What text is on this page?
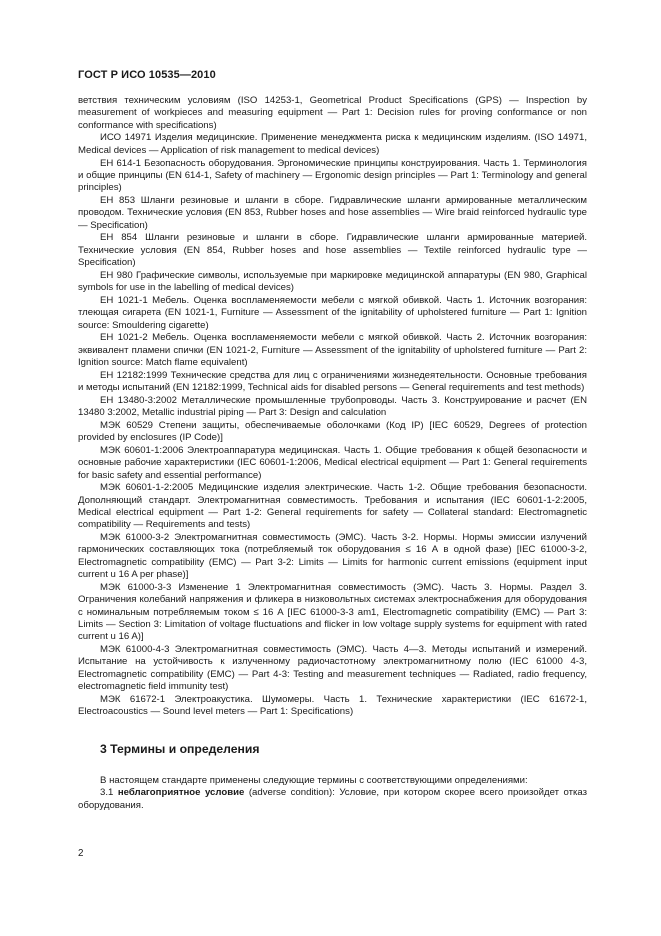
ГОСТ Р ИСО 10535—2010

ветствия техническим условиям (ISO 14253-1, Geometrical Product Specifications (GPS) — Inspection by measurement of workpieces and measuring equipment — Part 1: Decision rules for proving conformance or non conformance with specifications)

ИСО 14971 Изделия медицинские. Применение менеджмента риска к медицинским изделиям. (ISO 14971, Medical devices — Application of risk management to medical devices)

ЕН 614-1 Безопасность оборудования. Эргономические принципы конструирования. Часть 1. Терминология и общие принципы (EN 614-1, Safety of machinery — Ergonomic design principles — Part 1: Terminology and general principles)

ЕН 853 Шланги резиновые и шланги в сборе. Гидравлические шланги армированные металлическим проводом. Технические условия (EN 853, Rubber hoses and hose assemblies — Wire braid reinforced hydraulic type — Specification)

ЕН 854 Шланги резиновые и шланги в сборе. Гидравлические шланги армированные материей. Технические условия (EN 854, Rubber hoses and hose assemblies — Textile reinforced hydraulic type — Specification)

ЕН 980 Графические символы, используемые при маркировке медицинской аппаратуры (EN 980, Graphical symbols for use in the labelling of medical devices)

ЕН 1021-1 Мебель. Оценка воспламеняемости мебели с мягкой обивкой. Часть 1. Источник возгорания: тлеющая сигарета (EN 1021-1, Furniture — Assessment of the ignitability of upholstered furniture — Part 1: Ignition source: Smouldering cigarette)

ЕН 1021-2 Мебель. Оценка воспламеняемости мебели с мягкой обивкой. Часть 2. Источник возгорания: эквивалент пламени спички (EN 1021-2, Furniture — Assessment of the ignitability of upholstered furniture — Part 2: Ignition source: Match flame equivalent)

ЕН 12182:1999 Технические средства для лиц с ограничениями жизнедеятельности. Основные требования и методы испытаний (EN 12182:1999, Technical aids for disabled persons — General requirements and test methods)

ЕН 13480-3:2002 Металлические промышленные трубопроводы. Часть 3. Конструирование и расчет (EN 13480 3:2002, Metallic industrial piping — Part 3: Design and calculation

МЭК 60529 Степени защиты, обеспечиваемые оболочками (Код IP) [IEC 60529, Degrees of protection provided by enclosures (IP Code)]

МЭК 60601-1:2006 Электроаппаратура медицинская. Часть 1. Общие требования к общей безопасности и основные рабочие характеристики (IEC 60601-1:2006, Medical electrical equipment — Part 1: General requirements for basic safety and essential performance)

МЭК 60601-1-2:2005 Медицинские изделия электрические. Часть 1-2. Общие требования безопасности. Дополняющий стандарт. Электромагнитная совместимость. Требования и испытания (IEC 60601-1-2:2005, Medical electrical equipment — Part 1-2: General requirements for safety — Collateral standard: Electromagnetic compatibility — Requirements and tests)

МЭК 61000-3-2 Электромагнитная совместимость (ЭМС). Часть 3-2. Нормы. Нормы эмиссии излучений гармонических составляющих тока (потребляемый ток оборудования ≤ 16 А в одной фазе) [IEC 61000-3-2, Electromagnetic compatibility (EMC) — Part 3-2: Limits — Limits for harmonic current emissions (equipment input current u 16 A per phase)]

МЭК 61000-3-3 Изменение 1 Электромагнитная совместимость (ЭМС). Часть 3. Нормы. Раздел 3. Ограничения колебаний напряжения и фликера в низковольтных системах электроснабжения для оборудования с номинальным потребляемым током ≤ 16 А [IEC 61000-3-3 am1, Electromagnetic compatibility (EMC) — Part 3: Limits — Section 3: Limitation of voltage fluctuations and flicker in low voltage supply systems for equipment with rated current u 16 A)]

МЭК 61000-4-3 Электромагнитная совместимость (ЭМС). Часть 4—3. Методы испытаний и измерений. Испытание на устойчивость к излученному радиочастотному электромагнитному полю (IEC 61000 4-3, Electromagnetic compatibility (EMC) — Part 4-3: Testing and measurement techniques — Radiated, radio frequency, electromagnetic field immunity test)

МЭК 61672-1 Электроакустика. Шумомеры. Часть 1. Технические характеристики (IEC 61672-1, Electroacoustics — Sound level meters — Part 1: Specifications)

3 Термины и определения

В настоящем стандарте применены следующие термины с соответствующими определениями:

3.1 неблагоприятное условие (adverse condition): Условие, при котором скорее всего произойдет отказ оборудования.

2
